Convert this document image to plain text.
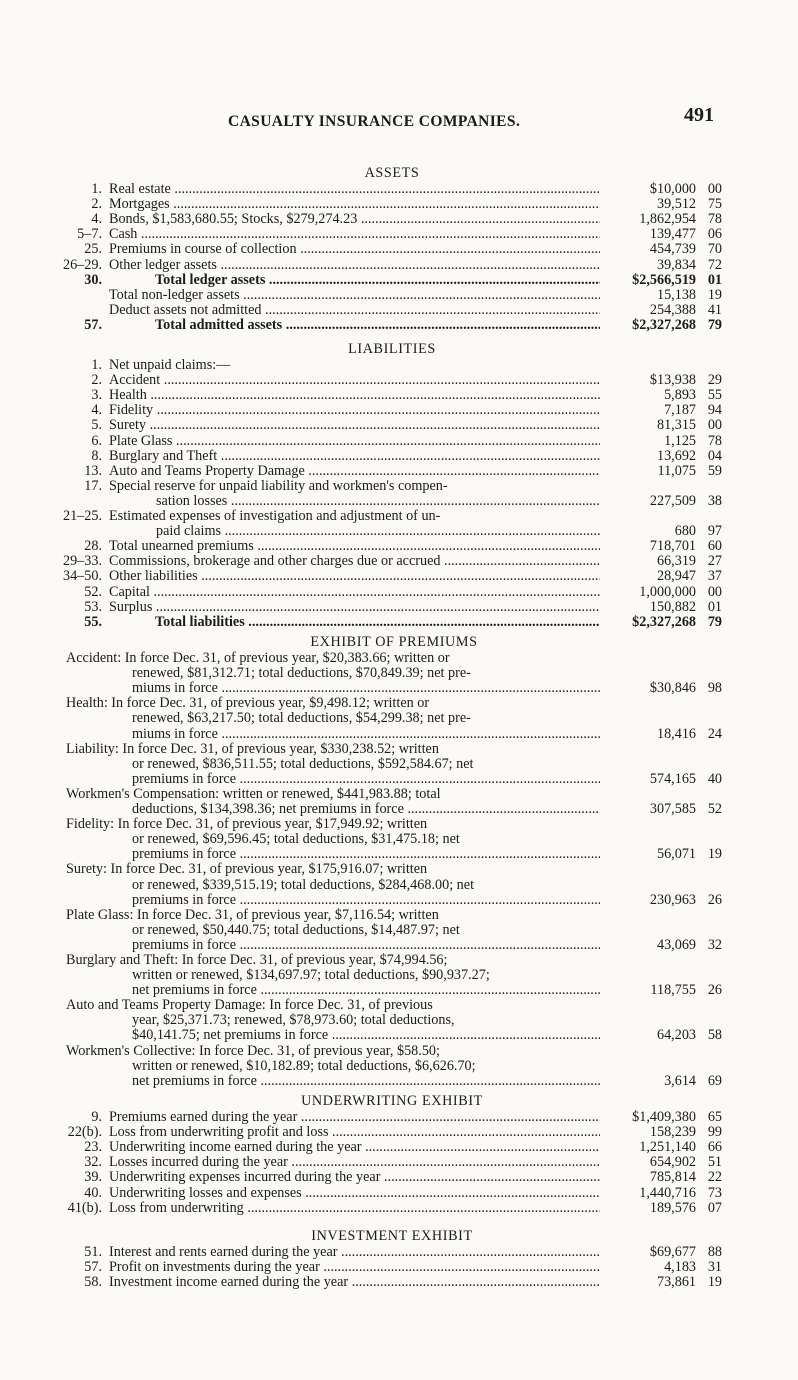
CASUALTY INSURANCE COMPANIES.	491
ASSETS
1. Real estate .....	$10,000 00
2. Mortgages .....	39,512 75
4. Bonds, $1,583,680.55; Stocks, $279,274.23 .....	1,862,954 78
5–7. Cash .....	139,477 06
25. Premiums in course of collection .....	454,739 70
26–29. Other ledger assets .....	39,834 72
30.	Total ledger assets .....	$2,566,519 01
Total non-ledger assets .....	15,138 19
Deduct assets not admitted .....	254,388 41
57.	Total admitted assets .....	$2,327,268 79
LIABILITIES
1. Net unpaid claims:—
2. Accident .....	$13,938 29
3. Health .....	5,893 55
4. Fidelity .....	7,187 94
5. Surety .....	81,315 00
6. Plate Glass .....	1,125 78
8. Burglary and Theft .....	13,692 04
13. Auto and Teams Property Damage .....	11,075 59
17. Special reserve for unpaid liability and workmen's compen-
sation losses .....	227,509 38
21–25. Estimated expenses of investigation and adjustment of un-
paid claims .....	680 97
28. Total unearned premiums .....	718,701 60
29–33. Commissions, brokerage and other charges due or accrued .....	66,319 27
34–50. Other liabilities .....	28,947 37
52. Capital .....	1,000,000 00
53. Surplus .....	150,882 01
55.	Total liabilities .....	$2,327,268 79
EXHIBIT OF PREMIUMS
Accident: In force Dec. 31, of previous year, $20,383.66; written or
renewed, $81,312.71; total deductions, $70,849.39; net pre-
miums in force .....	$30,846 98
Health: In force Dec. 31, of previous year, $9,498.12; written or
renewed, $63,217.50; total deductions, $54,299.38; net pre-
miums in force .....	18,416 24
Liability: In force Dec. 31, of previous year, $330,238.52; written
or renewed, $836,511.55; total deductions, $592,584.67; net
premiums in force .....	574,165 40
Workmen's Compensation: written or renewed, $441,983.88; total
deductions, $134,398.36; net premiums in force .....	307,585 52
Fidelity: In force Dec. 31, of previous year, $17,949.92; written
or renewed, $69,596.45; total deductions, $31,475.18; net
premiums in force .....	56,071 19
Surety: In force Dec. 31, of previous year, $175,916.07; written
or renewed, $339,515.19; total deductions, $284,468.00; net
premiums in force .....	230,963 26
Plate Glass: In force Dec. 31, of previous year, $7,116.54; written
or renewed, $50,440.75; total deductions, $14,487.97; net
premiums in force .....	43,069 32
Burglary and Theft: In force Dec. 31, of previous year, $74,994.56;
written or renewed, $134,697.97; total deductions, $90,937.27;
net premiums in force .....	118,755 26
Auto and Teams Property Damage: In force Dec. 31, of previous
year, $25,371.73; renewed, $78,973.60; total deductions,
$40,141.75; net premiums in force .....	64,203 58
Workmen's Collective: In force Dec. 31, of previous year, $58.50;
written or renewed, $10,182.89; total deductions, $6,626.70;
net premiums in force .....	3,614 69
UNDERWRITING EXHIBIT
9. Premiums earned during the year .....	$1,409,380 65
22(b). Loss from underwriting profit and loss .....	158,239 99
23. Underwriting income earned during the year .....	1,251,140 66
32. Losses incurred during the year .....	654,902 51
39. Underwriting expenses incurred during the year .....	785,814 22
40. Underwriting losses and expenses .....	1,440,716 73
41(b). Loss from underwriting .....	189,576 07
INVESTMENT EXHIBIT
51. Interest and rents earned during the year .....	$69,677 88
57. Profit on investments during the year .....	4,183 31
58. Investment income earned during the year .....	73,861 19
